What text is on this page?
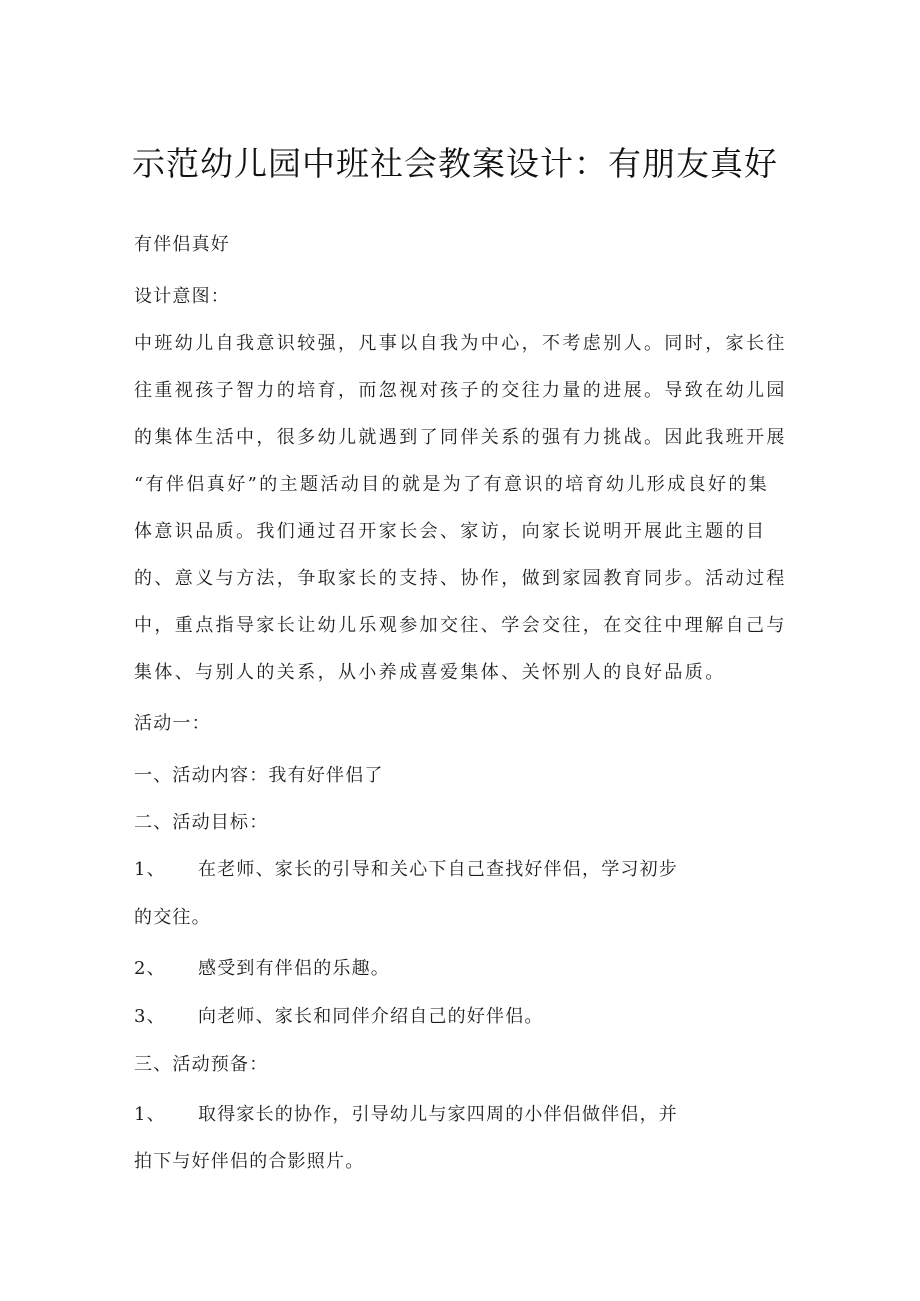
示范幼儿园中班社会教案设计：有朋友真好
有伴侣真好
设计意图：
中班幼儿自我意识较强，凡事以自我为中心，不考虑别人。同时，家长往
往重视孩子智力的培育，而忽视对孩子的交往力量的进展。导致在幼儿园
的集体生活中，很多幼儿就遇到了同伴关系的强有力挑战。因此我班开展
“有伴侣真好”的主题活动目的就是为了有意识的培育幼儿形成良好的集
体意识品质。我们通过召开家长会、家访，向家长说明开展此主题的目
的、意义与方法，争取家长的支持、协作，做到家园教育同步。活动过程
中，重点指导家长让幼儿乐观参加交往、学会交往，在交往中理解自己与
集体、与别人的关系，从小养成喜爱集体、关怀别人的良好品质。
活动一：
一、活动内容：我有好伴侣了
二、活动目标：
1、 在老师、家长的引导和关心下自己查找好伴侣，学习初步
的交往。
2、 感受到有伴侣的乐趣。
3、 向老师、家长和同伴介绍自己的好伴侣。
三、活动预备：
1、 取得家长的协作，引导幼儿与家四周的小伴侣做伴侣，并
拍下与好伴侣的合影照片。
